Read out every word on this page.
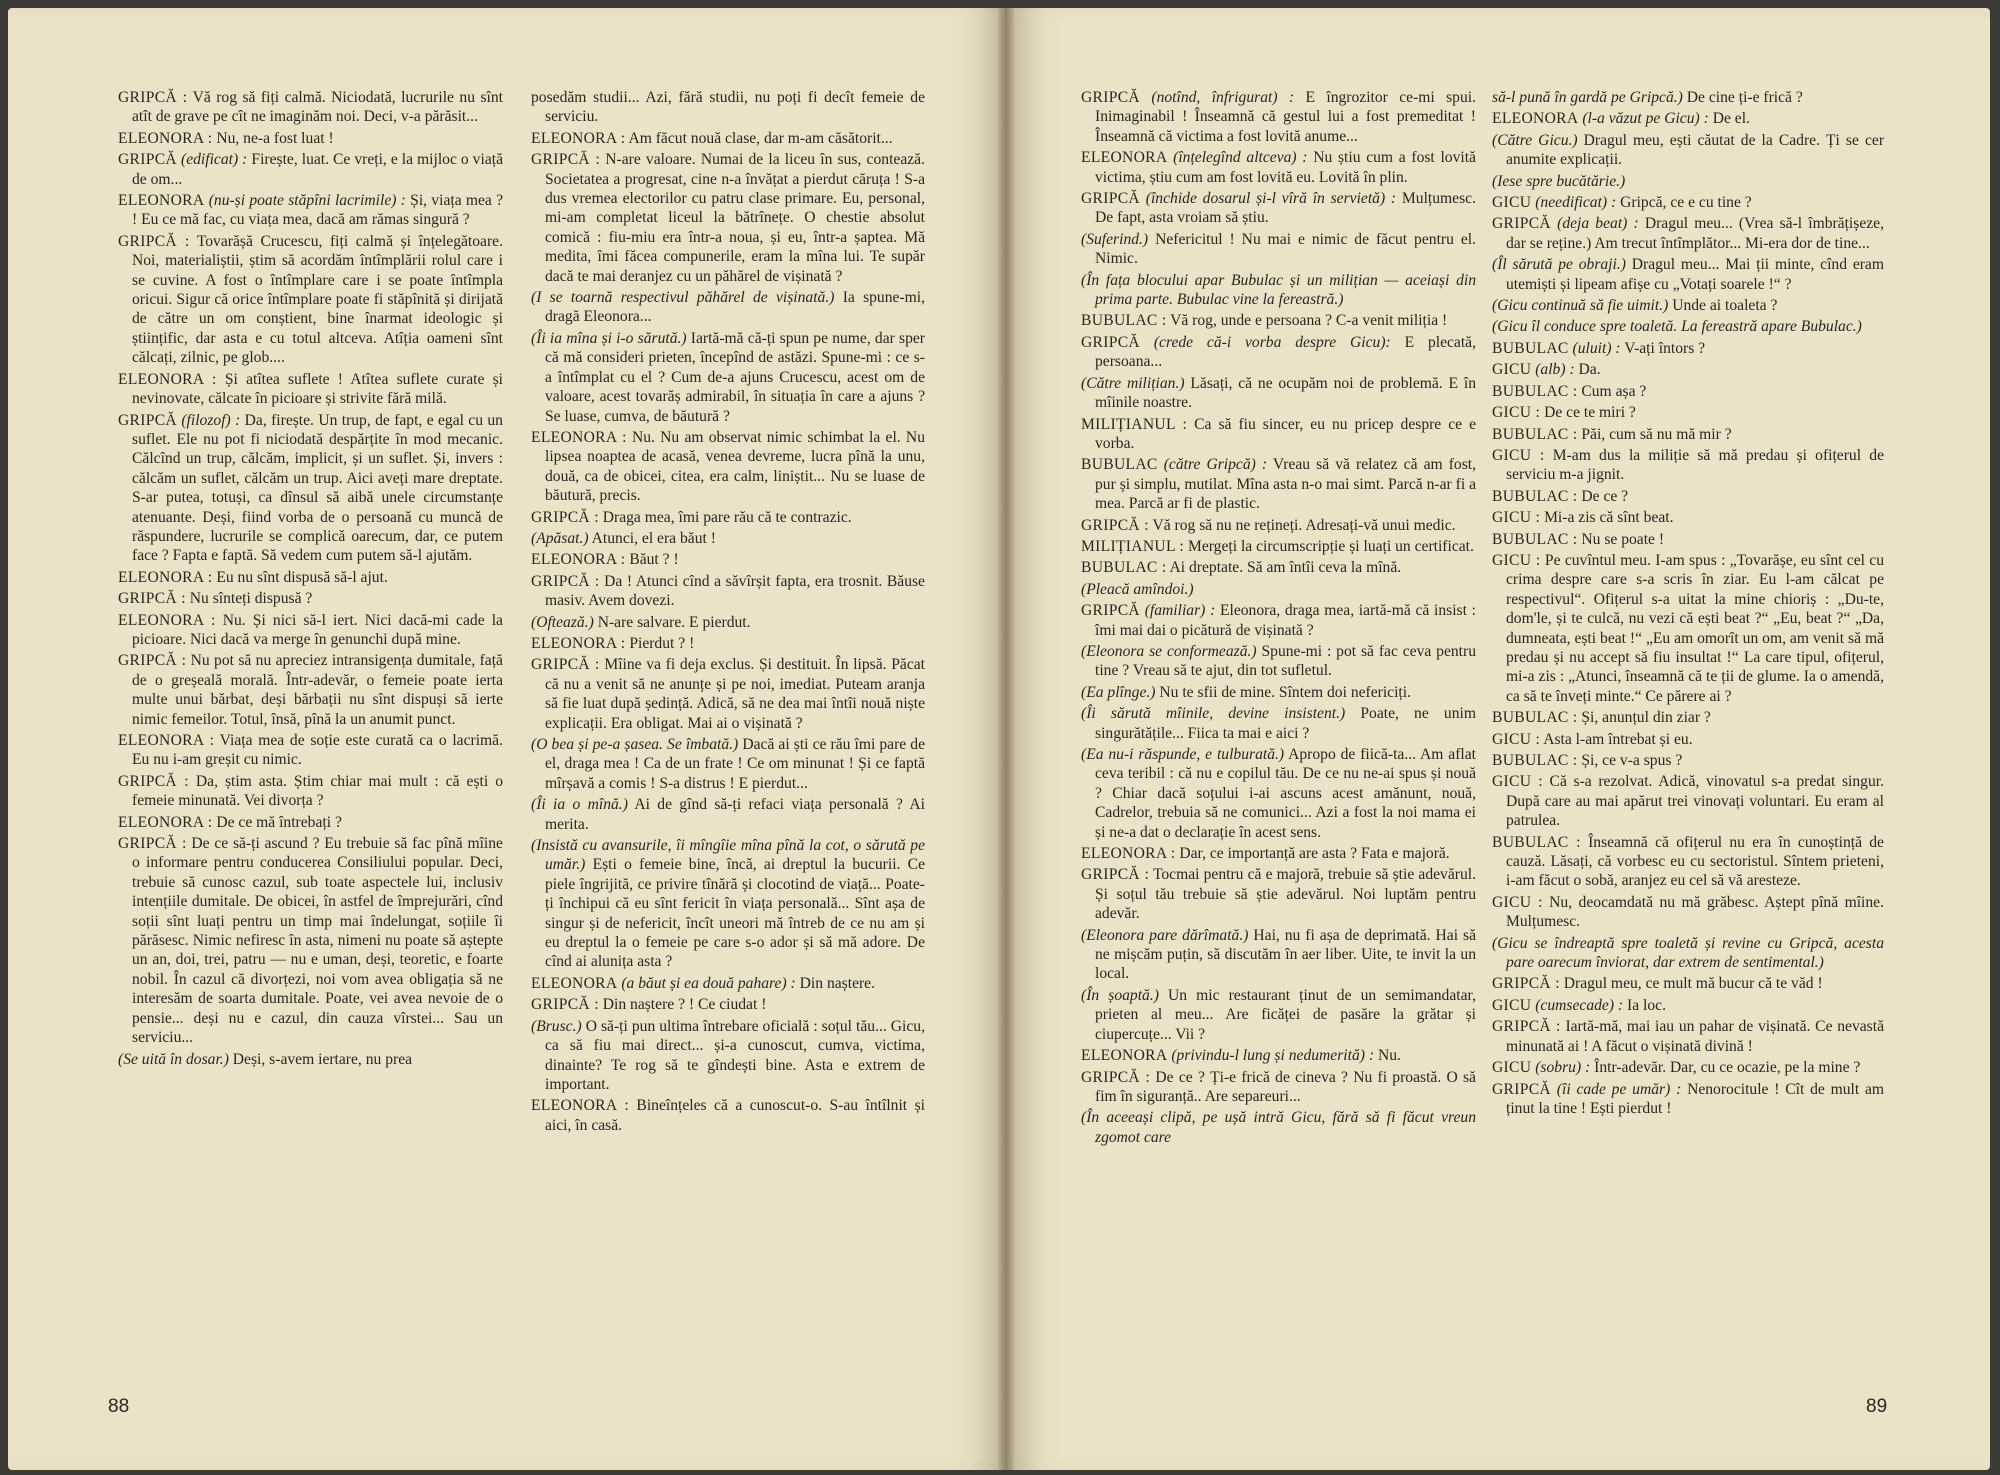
GRIPCĂ : Vă rog să fiți calmă. Niciodată, lucrurile nu sînt atît de grave pe cît ne imaginăm noi. Deci, v-a părăsit...

ELEONORA : Nu, ne-a fost luat !

GRIPCĂ (edificat) : Firește, luat. Ce vreți, e la mijloc o viață de om...

ELEONORA (nu-și poate stăpîni lacrimile) : Și, viața mea ? ! Eu ce mă fac, cu viața mea, dacă am rămas singură ?

GRIPCĂ : Tovarășă Crucescu, fiți calmă și înțelegătoare. Noi, materialiștii, știm să acordăm întîmplării rolul care i se cuvine. A fost o întîmplare care i se poate întîmpla oricui. Sigur că orice întîmplare poate fi stăpînită și dirijată de către un om conștient, bine înarmat ideologic și științific, dar asta e cu totul altceva. Atîția oameni sînt călcați, zilnic, pe glob....

ELEONORA : Și atîtea suflete ! Atîtea suflete curate și nevinovate, călcate în picioare și strivite fără milă.

GRIPCĂ (filozof) : Da, firește. Un trup, de fapt, e egal cu un suflet. Ele nu pot fi niciodată despărțite în mod mecanic. Călcînd un trup, călcăm, implicit, și un suflet. Și, invers : călcăm un suflet, călcăm un trup. Aici aveți mare dreptate. S-ar putea, totuși, ca dînsul să aibă unele circumstanțe atenuante. Deși, fiind vorba de o persoană cu muncă de răspundere, lucrurile se complică oarecum, dar, ce putem face ? Fapta e faptă. Să vedem cum putem să-l ajutăm.

ELEONORA : Eu nu sînt dispusă să-l ajut.

GRIPCĂ : Nu sînteți dispusă ?

ELEONORA : Nu. Și nici să-l iert. Nici dacă-mi cade la picioare. Nici dacă va merge în genunchi după mine.

GRIPCĂ : Nu pot să nu apreciez intransigența dumitale, față de o greșeală morală. Într-adevăr, o femeie poate ierta multe unui bărbat, deși bărbații nu sînt dispuși să ierte nimic femeilor. Totul, însă, pînă la un anumit punct.

ELEONORA : Viața mea de soție este curată ca o lacrimă. Eu nu i-am greșit cu nimic.

GRIPCĂ : Da, știm asta. Știm chiar mai mult : că ești o femeie minunată. Vei divorța ?

ELEONORA : De ce mă întrebați ?

GRIPCĂ : De ce să-ți ascund ? Eu trebuie să fac pînă mîine o informare pentru conducerea Consiliului popular. Deci, trebuie să cunosc cazul, sub toate aspectele lui, inclusiv intențiile dumitale. De obicei, în astfel de împrejurări, cînd soții sînt luați pentru un timp mai îndelungat, soțiile îi părăsesc. Nimic nefiresc în asta, nimeni nu poate să aștepte un an, doi, trei, patru — nu e uman, deși, teoretic, e foarte nobil. În cazul că divorțezi, noi vom avea obligația să ne interesăm de soarta dumitale. Poate, vei avea nevoie de o pensie... deși nu e cazul, din cauza vîrstei... Sau un serviciu...

(Se uită în dosar.) Deși, s-avem iertare, nu prea

posedăm studii... Azi, fără studii, nu poți fi decît femeie de serviciu.

ELEONORA : Am făcut nouă clase, dar m-am căsătorit...

GRIPCĂ : N-are valoare. Numai de la liceu în sus, contează. Societatea a progresat, cine n-a învățat a pierdut căruța ! S-a dus vremea electorilor cu patru clase primare. Eu, personal, mi-am completat liceul la bătrînețe. O chestie absolut comică : fiu-miu era într-a noua, și eu, într-a șaptea. Mă medita, îmi făcea compunerile, eram la mîna lui. Te supăr dacă te mai deranjez cu un păhărel de vișinată ?

(I se toarnă respectivul păhărel de vișinată.) Ia spune-mi, dragă Eleonora...

(Îi ia mîna și i-o sărută.) Iartă-mă că-ți spun pe nume, dar sper că mă consideri prieten, începînd de astăzi. Spune-mi : ce s-a întîmplat cu el ? Cum de-a ajuns Crucescu, acest om de valoare, acest tovarăș admirabil, în situația în care a ajuns ? Se luase, cumva, de băutură ?

ELEONORA : Nu. Nu am observat nimic schimbat la el. Nu lipsea noaptea de acasă, venea devreme, lucra pînă la unu, două, ca de obicei, citea, era calm, liniștit... Nu se luase de băutură, precis.

GRIPCĂ : Draga mea, îmi pare rău că te contrazic.

(Apăsat.) Atunci, el era băut !

ELEONORA : Băut ? !

GRIPCĂ : Da ! Atunci cînd a săvîrșit fapta, era trosnit. Băuse masiv. Avem dovezi.

(Oftează.) N-are salvare. E pierdut.

ELEONORA : Pierdut ? !

GRIPCĂ : Mîine va fi deja exclus. Și destituit. În lipsă. Păcat că nu a venit să ne anunțe și pe noi, imediat. Puteam aranja să fie luat după ședință. Adică, să ne dea mai întîi nouă niște explicații. Era obligat. Mai ai o vișinată ?

(O bea și pe-a șasea. Se îmbată.) Dacă ai ști ce rău îmi pare de el, draga mea ! Ca de un frate ! Ce om minunat ! Și ce faptă mîrșavă a comis ! S-a distrus ! E pierdut...

(Îi ia o mînă.) Ai de gînd să-ți refaci viața personală ? Ai merita.

(Insistă cu avansurile, îi mîngîie mîna pînă la cot, o sărută pe umăr.) Ești o femeie bine, încă, ai dreptul la bucurii. Ce piele îngrijită, ce privire tînără și clocotind de viață... Poate-ți închipui că eu sînt fericit în viața personală... Sînt așa de singur și de nefericit, încît uneori mă întreb de ce nu am și eu dreptul la o femeie pe care s-o ador și să mă adore. De cînd ai alunița asta ?

ELEONORA (a băut și ea două pahare) : Din naștere.

GRIPCĂ : Din naștere ? ! Ce ciudat !

(Brusc.) O să-ți pun ultima întrebare oficială : soțul tău... Gicu, ca să fiu mai direct... și-a cunoscut, cumva, victima, dinainte? Te rog să te gîndești bine. Asta e extrem de important.

ELEONORA : Bineînțeles că a cunoscut-o. S-au întîlnit și aici, în casă.

88

GRIPCĂ (notînd, înfrigurat) : E îngrozitor ce-mi spui. Inimaginabil ! Înseamnă că gestul lui a fost premeditat ! Înseamnă că victima a fost lovită anume...

ELEONORA (înțelegînd altceva) : Nu știu cum a fost lovită victima, știu cum am fost lovită eu. Lovită în plin.

GRIPCĂ (închide dosarul și-l vîră în servietă) : Mulțumesc. De fapt, asta vroiam să știu.

(Suferind.) Nefericitul ! Nu mai e nimic de făcut pentru el. Nimic.

(În fața blocului apar Bubulac și un milițian — aceiași din prima parte. Bubulac vine la fereastră.)

BUBULAC : Vă rog, unde e persoana ? C-a venit miliția !

GRIPCĂ (crede că-i vorba despre Gicu): E plecată, persoana...

(Către milițian.) Lăsați, că ne ocupăm noi de problemă. E în mîinile noastre.

MILIȚIANUL : Ca să fiu sincer, eu nu pricep despre ce e vorba.

BUBULAC (către Gripcă) : Vreau să vă relatez că am fost, pur și simplu, mutilat. Mîna asta n-o mai simt. Parcă n-ar fi a mea. Parcă ar fi de plastic.

GRIPCĂ : Vă rog să nu ne rețineți. Adresați-vă unui medic.

MILIȚIANUL : Mergeți la circumscripție și luați un certificat.

BUBULAC : Ai dreptate. Să am întîi ceva la mînă.

(Pleacă amîndoi.)

GRIPCĂ (familiar) : Eleonora, draga mea, iartă-mă că insist : îmi mai dai o picătură de vișinată ?

(Eleonora se conformează.) Spune-mi : pot să fac ceva pentru tine ? Vreau să te ajut, din tot sufletul.

(Ea plînge.) Nu te sfii de mine. Sîntem doi nefericiți.

(Îi sărută mîinile, devine insistent.) Poate, ne unim singurătățile... Fiica ta mai e aici ?

(Ea nu-i răspunde, e tulburată.) Apropo de fiică-ta... Am aflat ceva teribil : că nu e copilul tău. De ce nu ne-ai spus și nouă ? Chiar dacă soțului i-ai ascuns acest amănunt, nouă, Cadrelor, trebuia să ne comunici... Azi a fost la noi mama ei și ne-a dat o declarație în acest sens.

ELEONORA : Dar, ce importanță are asta ? Fata e majoră.

GRIPCĂ : Tocmai pentru că e majoră, trebuie să știe adevărul. Și soțul tău trebuie să știe adevărul. Noi luptăm pentru adevăr.

(Eleonora pare dărîmată.) Hai, nu fi așa de deprimată. Hai să ne mișcăm puțin, să discutăm în aer liber. Uite, te invit la un local.

(În șoaptă.) Un mic restaurant ținut de un semimandatar, prieten al meu... Are ficăței de pasăre la grătar și ciupercuțe... Vii ?

ELEONORA (privindu-l lung și nedumerită) : Nu.

GRIPCĂ : De ce ? Ți-e frică de cineva ? Nu fi proastă. O să fim în siguranță.. Are separeuri...

(În aceeași clipă, pe ușă intră Gicu, fără să fi făcut vreun zgomot care

să-l pună în gardă pe Gripcă.) De cine ți-e frică ?

ELEONORA (l-a văzut pe Gicu) : De el.

(Către Gicu.) Dragul meu, ești căutat de la Cadre. Ți se cer anumite explicații.

(Iese spre bucătărie.)

GICU (needificat) : Gripcă, ce e cu tine ?

GRIPCĂ (deja beat) : Dragul meu... (Vrea să-l îmbrățișeze, dar se reține.) Am trecut întîmplător... Mi-era dor de tine...

(Îl sărută pe obraji.) Dragul meu... Mai ții minte, cînd eram utemiști și lipeam afișe cu „Votați soarele !“ ?

(Gicu continuă să fie uimit.) Unde ai toaleta ?

(Gicu îl conduce spre toaletă. La fereastră apare Bubulac.)

BUBULAC (uluit) : V-ați întors ?

GICU (alb) : Da.

BUBULAC : Cum așa ?

GICU : De ce te miri ?

BUBULAC : Păi, cum să nu mă mir ?

GICU : M-am dus la miliție să mă predau și ofițerul de serviciu m-a jignit.

BUBULAC : De ce ?

GICU : Mi-a zis că sînt beat.

BUBULAC : Nu se poate !

GICU : Pe cuvîntul meu. I-am spus : „Tovarășe, eu sînt cel cu crima despre care s-a scris în ziar. Eu l-am călcat pe respectivul“. Ofițerul s-a uitat la mine chioriș : „Du-te, dom'le, și te culcă, nu vezi că ești beat ?“ „Eu, beat ?“ „Da, dumneata, ești beat !“ „Eu am omorît un om, am venit să mă predau și nu accept să fiu insultat !“ La care tipul, ofițerul, mi-a zis : „Atunci, înseamnă că te ții de glume. Ia o amendă, ca să te înveți minte.“ Ce părere ai ?

BUBULAC : Și, anunțul din ziar ?

GICU : Asta l-am întrebat și eu.

BUBULAC : Și, ce v-a spus ?

GICU : Că s-a rezolvat. Adică, vinovatul s-a predat singur. După care au mai apărut trei vinovați voluntari. Eu eram al patrulea.

BUBULAC : Înseamnă că ofițerul nu era în cunoștință de cauză. Lăsați, că vorbesc eu cu sectoristul. Sîntem prieteni, i-am făcut o sobă, aranjez eu cel să vă aresteze.

GICU : Nu, deocamdată nu mă grăbesc. Aștept pînă mîine. Mulțumesc.

(Gicu se îndreaptă spre toaletă și revine cu Gripcă, acesta pare oarecum înviorat, dar extrem de sentimental.)

GRIPCĂ : Dragul meu, ce mult mă bucur că te văd !

GICU (cumsecade) : Ia loc.

GRIPCĂ : Iartă-mă, mai iau un pahar de vișinată. Ce nevastă minunată ai ! A făcut o vișinată divină !

GICU (sobru) : Într-adevăr. Dar, cu ce ocazie, pe la mine ?

GRIPCĂ (îi cade pe umăr) : Nenorocitule ! Cît de mult am ținut la tine ! Ești pierdut !

89
